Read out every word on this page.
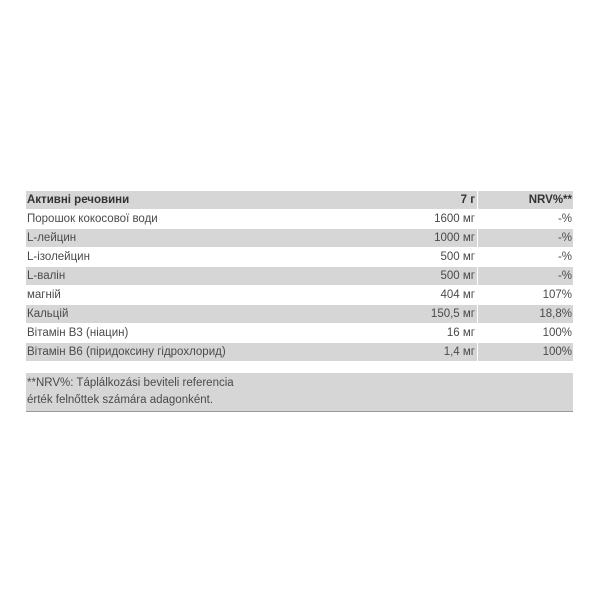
Активні речовини	7 г	NRV%**
Порошок кокосової води	1600 мг	-%
L-лейцин	1000 мг	-%
L-ізолейцин	500 мг	-%
L-валін	500 мг	-%
магній	404 мг	107%
Кальцій	150,5 мг	18,8%
Вітамін B3 (ніацин)	16 мг	100%
Вітамін B6 (піридоксину гідрохлорид)	1,4 мг	100%
**NRV%: Táplálkozási beviteli referencia
érték felnőttek számára adagonként.
